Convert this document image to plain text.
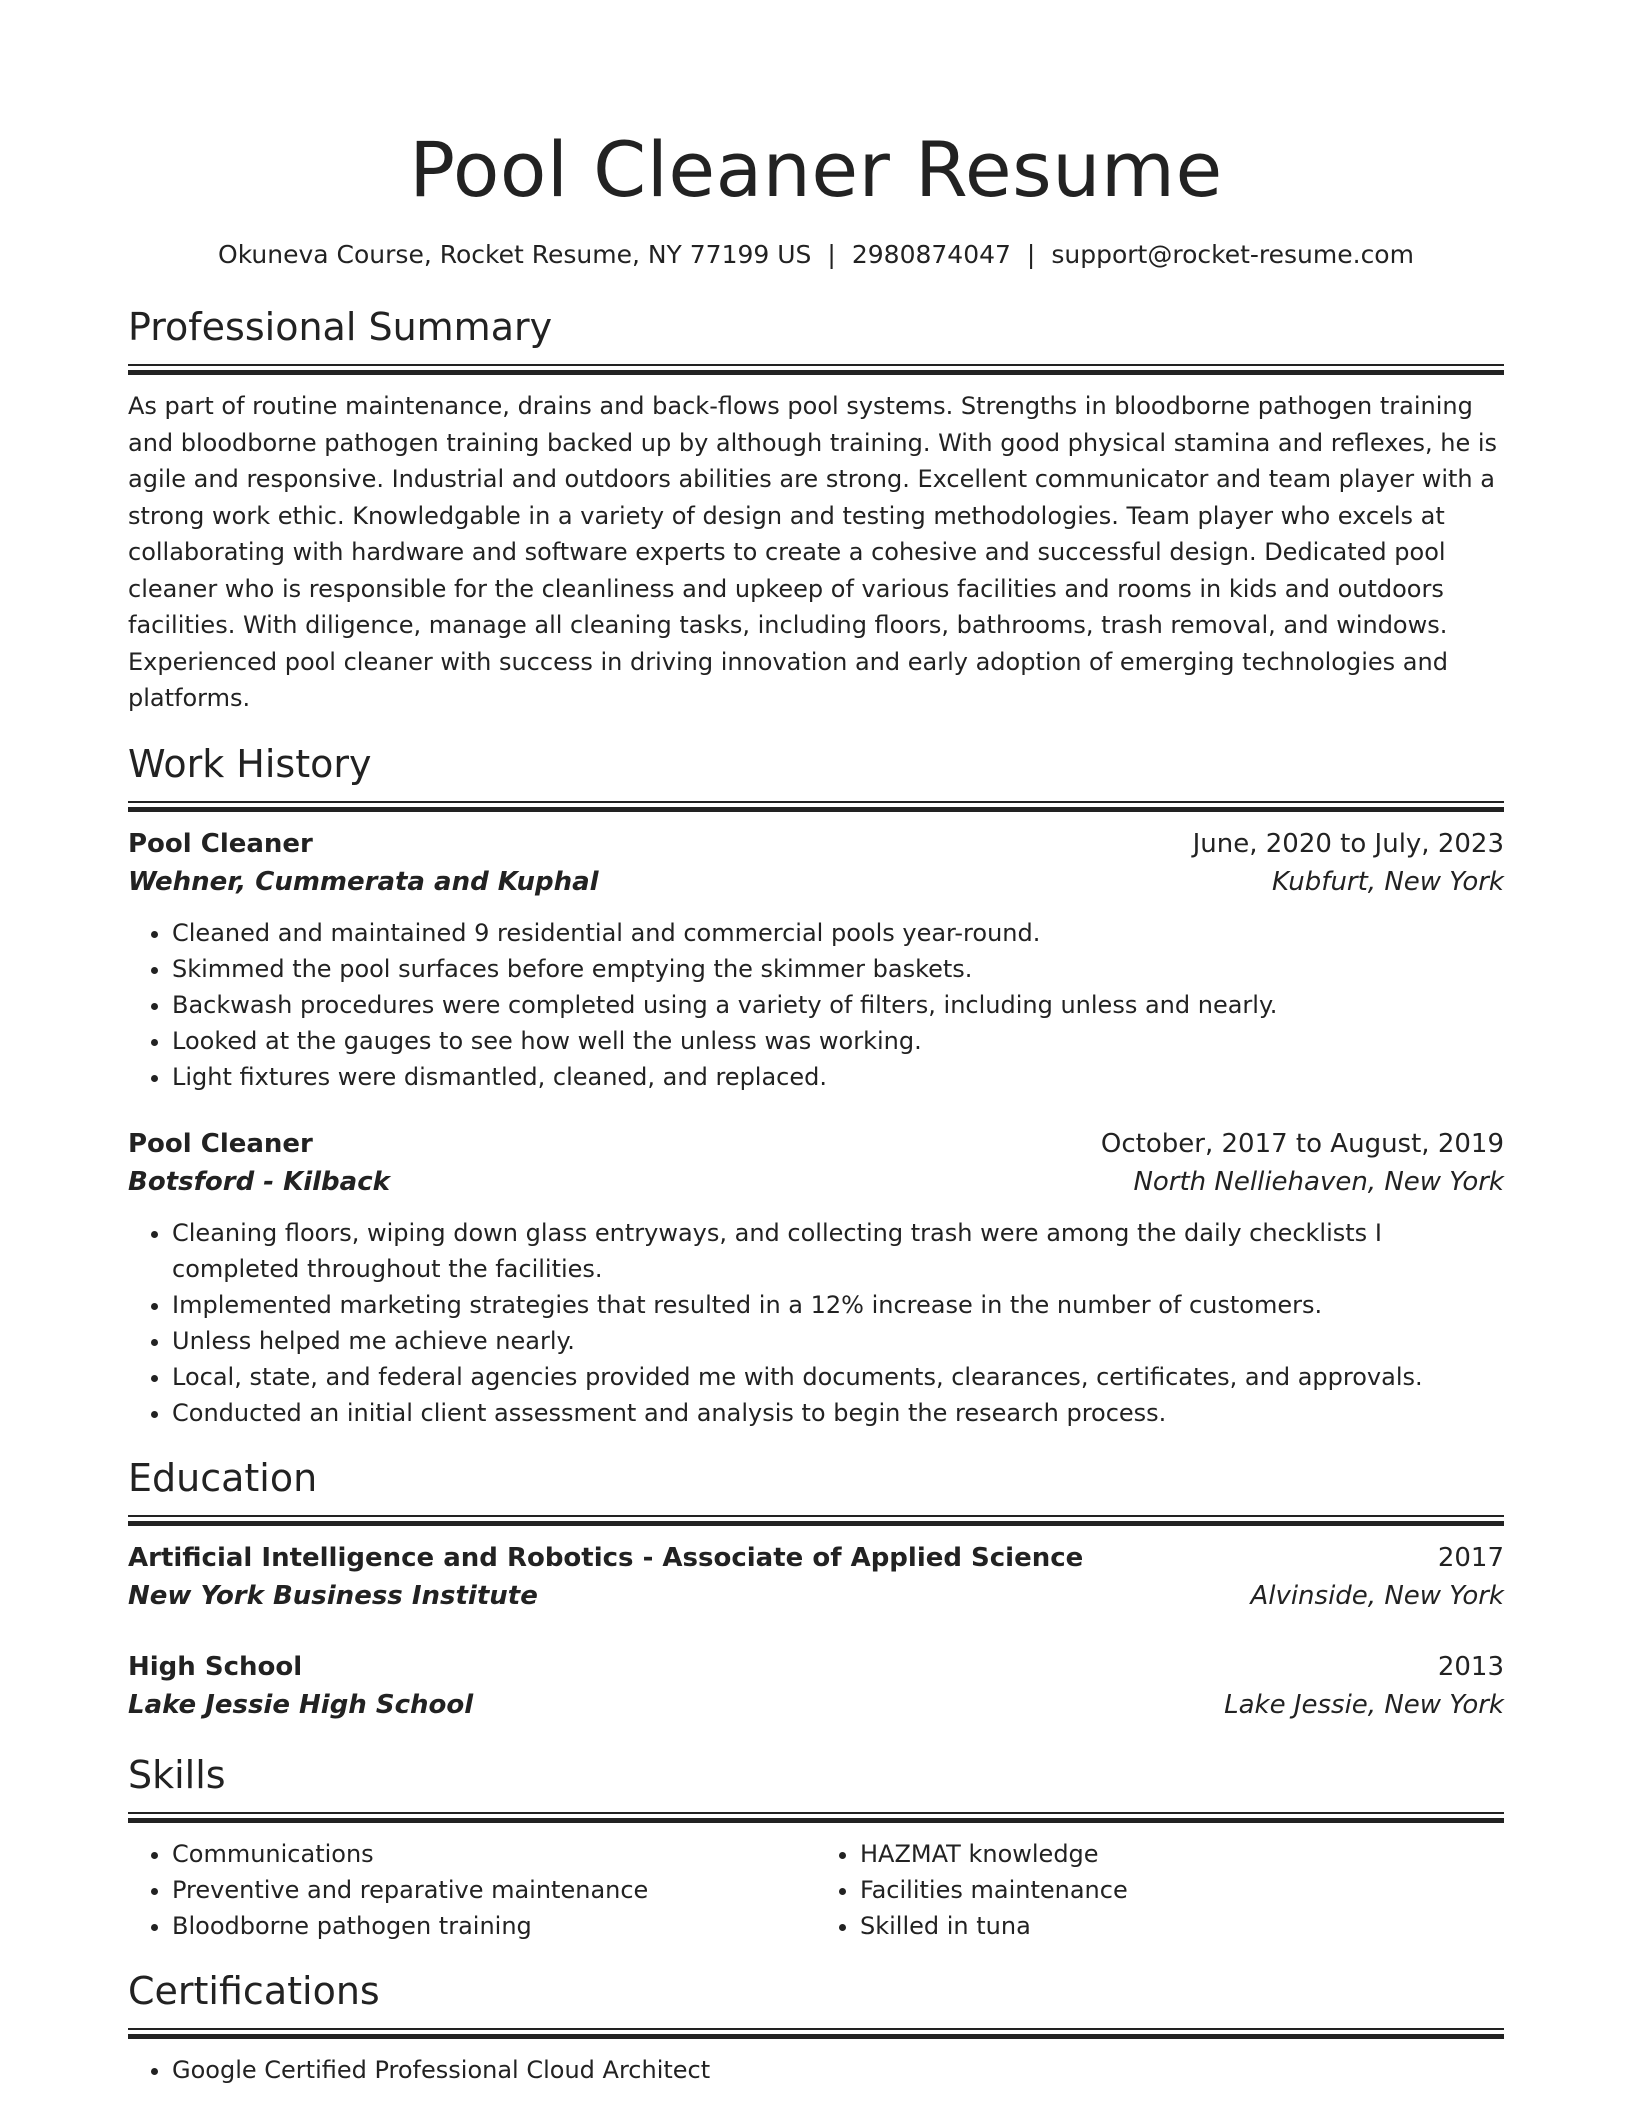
Pool Cleaner Resume
Okuneva Course, Rocket Resume, NY 77199 US | 2980874047 | support@rocket-resume.com
Professional Summary
As part of routine maintenance, drains and back-flows pool systems. Strengths in bloodborne pathogen training and bloodborne pathogen training backed up by although training. With good physical stamina and reflexes, he is agile and responsive. Industrial and outdoors abilities are strong. Excellent communicator and team player with a strong work ethic. Knowledgable in a variety of design and testing methodologies. Team player who excels at collaborating with hardware and software experts to create a cohesive and successful design. Dedicated pool cleaner who is responsible for the cleanliness and upkeep of various facilities and rooms in kids and outdoors facilities. With diligence, manage all cleaning tasks, including floors, bathrooms, trash removal, and windows. Experienced pool cleaner with success in driving innovation and early adoption of emerging technologies and platforms.
Work History
Pool Cleaner	June, 2020 to July, 2023
Wehner, Cummerata and Kuphal	Kubfurt, New York
• Cleaned and maintained 9 residential and commercial pools year-round.
• Skimmed the pool surfaces before emptying the skimmer baskets.
• Backwash procedures were completed using a variety of filters, including unless and nearly.
• Looked at the gauges to see how well the unless was working.
• Light fixtures were dismantled, cleaned, and replaced.
Pool Cleaner	October, 2017 to August, 2019
Botsford - Kilback	North Nelliehaven, New York
• Cleaning floors, wiping down glass entryways, and collecting trash were among the daily checklists I completed throughout the facilities.
• Implemented marketing strategies that resulted in a 12% increase in the number of customers.
• Unless helped me achieve nearly.
• Local, state, and federal agencies provided me with documents, clearances, certificates, and approvals.
• Conducted an initial client assessment and analysis to begin the research process.
Education
Artificial Intelligence and Robotics - Associate of Applied Science	2017
New York Business Institute	Alvinside, New York
High School	2013
Lake Jessie High School	Lake Jessie, New York
Skills
• Communications
• Preventive and reparative maintenance
• Bloodborne pathogen training
• HAZMAT knowledge
• Facilities maintenance
• Skilled in tuna
Certifications
• Google Certified Professional Cloud Architect
